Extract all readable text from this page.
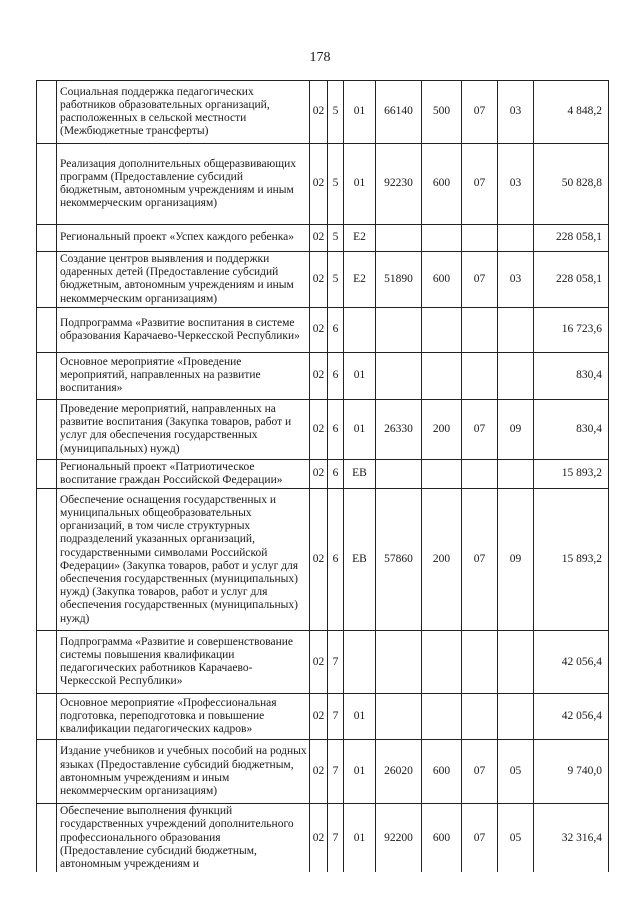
178
	Социальная поддержка педагогических работников образовательных организаций, расположенных в сельской местности (Межбюджетные трансферты)	02	5	01	66140	500	07	03	4 848,2
	Реализация дополнительных общеразвивающих программ (Предоставление субсидий бюджетным, автономным учреждениям и иным некоммерческим организациям)	02	5	01	92230	600	07	03	50 828,8
	Региональный проект «Успех каждого ребенка»	02	5	E2					228 058,1
	Создание центров выявления и поддержки одаренных детей (Предоставление субсидий бюджетным, автономным учреждениям и иным некоммерческим организациям)	02	5	E2	51890	600	07	03	228 058,1
	Подпрограмма «Развитие воспитания в системе образования Карачаево-Черкесской Республики»	02	6						16 723,6
	Основное мероприятие «Проведение мероприятий, направленных на развитие воспитания»	02	6	01					830,4
	Проведение мероприятий, направленных на развитие воспитания (Закупка товаров, работ и услуг для обеспечения государственных (муниципальных) нужд)	02	6	01	26330	200	07	09	830,4
	Региональный проект «Патриотическое воспитание граждан Российской Федерации»	02	6	EB					15 893,2
	Обеспечение оснащения государственных и муниципальных общеобразовательных организаций, в том числе структурных подразделений указанных организаций, государственными символами Российской Федерации» (Закупка товаров, работ и услуг для обеспечения государственных (муниципальных) нужд) (Закупка товаров, работ и услуг для обеспечения государственных (муниципальных) нужд)	02	6	EB	57860	200	07	09	15 893,2
	Подпрограмма «Развитие и совершенствование системы повышения квалификации педагогических работников Карачаево-Черкесской Республики»	02	7						42 056,4
	Основное мероприятие «Профессиональная подготовка, переподготовка и повышение квалификации педагогических кадров»	02	7	01					42 056,4
	Издание учебников и учебных пособий на родных языках (Предоставление субсидий бюджетным, автономным учреждениям и иным некоммерческим организациям)	02	7	01	26020	600	07	05	9 740,0
	Обеспечение выполнения функций государственных учреждений дополнительного профессионального образования (Предоставление субсидий бюджетным, автономным учреждениям и	02	7	01	92200	600	07	05	32 316,4
